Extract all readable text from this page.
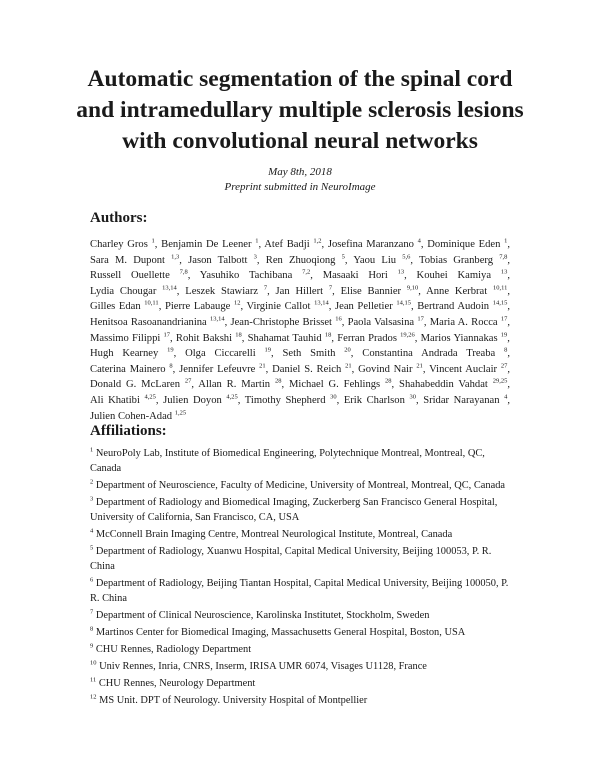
Automatic segmentation of the spinal cord
and intramedullary multiple sclerosis lesions
with convolutional neural networks
May 8th, 2018
Preprint submitted in NeuroImage
Authors:

Charley Gros $^1$, Benjamin De Leener $^1$, Atef Badji $^{1,2}$, Josefina Maranzano $^4$, Dominique Eden $^1$, Sara M. Dupont $^{1,3}$, Jason Talbott $^3$, Ren Zhuoqiong $^5$, Yaou Liu $^{5,6}$, Tobias Granberg $^{7,8}$, Russell Ouellette $^{7,8}$, Yasuhiko Tachibana $^{7,2}$, Masaaki Hori $^{13}$, Kouhei Kamiya $^{13}$, Lydia Chougar $^{13,14}$, Leszek Stawiarz $^7$, Jan Hillert $^7$, Elise Bannier $^{9,10}$, Anne Kerbrat $^{10,11}$, Gilles Edan $^{10,11}$, Pierre Labauge $^{12}$, Virginie Callot $^{13,14}$, Jean Pelletier $^{14,15}$, Bertrand Audoin $^{14,15}$, Henitsoa Rasoanandrianina $^{13,14}$, Jean-Christophe Brisset $^{16}$, Paola Valsasina $^{17}$, Maria A. Rocca $^{17}$, Massimo Filippi $^{17}$, Rohit Bakshi $^{18}$, Shahamat Tauhid $^{18}$, Ferran Prados $^{19,26}$, Marios Yiannakas $^{19}$, Hugh Kearney $^{19}$, Olga Ciccarelli $^{19}$, Seth Smith $^{20}$, Constantina Andrada Treaba $^8$, Caterina Mainero $^8$, Jennifer Lefeuvre $^{21}$, Daniel S. Reich $^{21}$, Govind Nair $^{21}$, Vincent Auclair $^{27}$, Donald G. McLaren $^{27}$, Allan R. Martin $^{28}$, Michael G. Fehlings $^{28}$, Shahabeddin Vahdat $^{29,25}$, Ali Khatibi $^{4,25}$, Julien Doyon $^{4,25}$, Timothy Shepherd $^{30}$, Erik Charlson $^{30}$, Sridar Narayanan $^4$, Julien Cohen-Adad $^{1,25}$

Affiliations:

$^1$ NeuroPoly Lab, Institute of Biomedical Engineering, Polytechnique Montreal, Montreal, QC, Canada

$^2$ Department of Neuroscience, Faculty of Medicine, University of Montreal, Montreal, QC, Canada

$^3$ Department of Radiology and Biomedical Imaging, Zuckerberg San Francisco General Hospital, University of California, San Francisco, CA, USA

$^4$ McConnell Brain Imaging Centre, Montreal Neurological Institute, Montreal, Canada

$^5$ Department of Radiology, Xuanwu Hospital, Capital Medical University, Beijing 100053, P. R. China

$^6$ Department of Radiology, Beijing Tiantan Hospital, Capital Medical University, Beijing 100050, P. R. China

$^7$ Department of Clinical Neuroscience, Karolinska Institutet, Stockholm, Sweden

$^8$ Martinos Center for Biomedical Imaging, Massachusetts General Hospital, Boston, USA

$^9$ CHU Rennes, Radiology Department

$^{10}$ Univ Rennes, Inria, CNRS, Inserm, IRISA UMR 6074, Visages U1128, France

$^{11}$ CHU Rennes, Neurology Department

$^{12}$ MS Unit. DPT of Neurology. University Hospital of Montpellier
